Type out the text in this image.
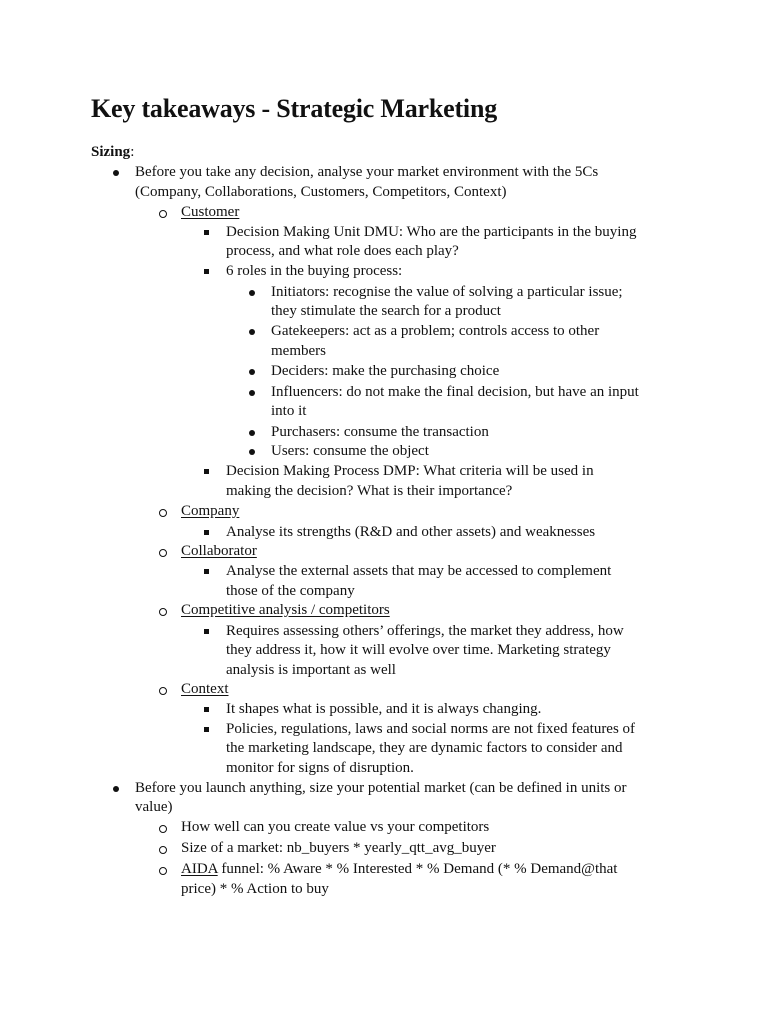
Key takeaways - Strategic Marketing
Sizing:
Before you take any decision, analyse your market environment with the 5Cs
(Company, Collaborations, Customers, Competitors, Context)
Customer
Decision Making Unit DMU: Who are the participants in the buying
process, and what role does each play?
6 roles in the buying process:
Initiators: recognise the value of solving a particular issue;
they stimulate the search for a product
Gatekeepers: act as a problem; controls access to other
members
Deciders: make the purchasing choice
Influencers: do not make the final decision, but have an input
into it
Purchasers: consume the transaction
Users: consume the object
Decision Making Process DMP: What criteria will be used in
making the decision? What is their importance?
Company
Analyse its strengths (R&D and other assets) and weaknesses
Collaborator
Analyse the external assets that may be accessed to complement
those of the company
Competitive analysis / competitors
Requires assessing others’ offerings, the market they address, how
they address it, how it will evolve over time. Marketing strategy
analysis is important as well
Context
It shapes what is possible, and it is always changing.
Policies, regulations, laws and social norms are not fixed features of
the marketing landscape, they are dynamic factors to consider and
monitor for signs of disruption.
Before you launch anything, size your potential market (can be defined in units or
value)
How well can you create value vs your competitors
Size of a market: nb_buyers * yearly_qtt_avg_buyer
AIDA funnel: % Aware * % Interested * % Demand (* % Demand@that
price) * % Action to buy
